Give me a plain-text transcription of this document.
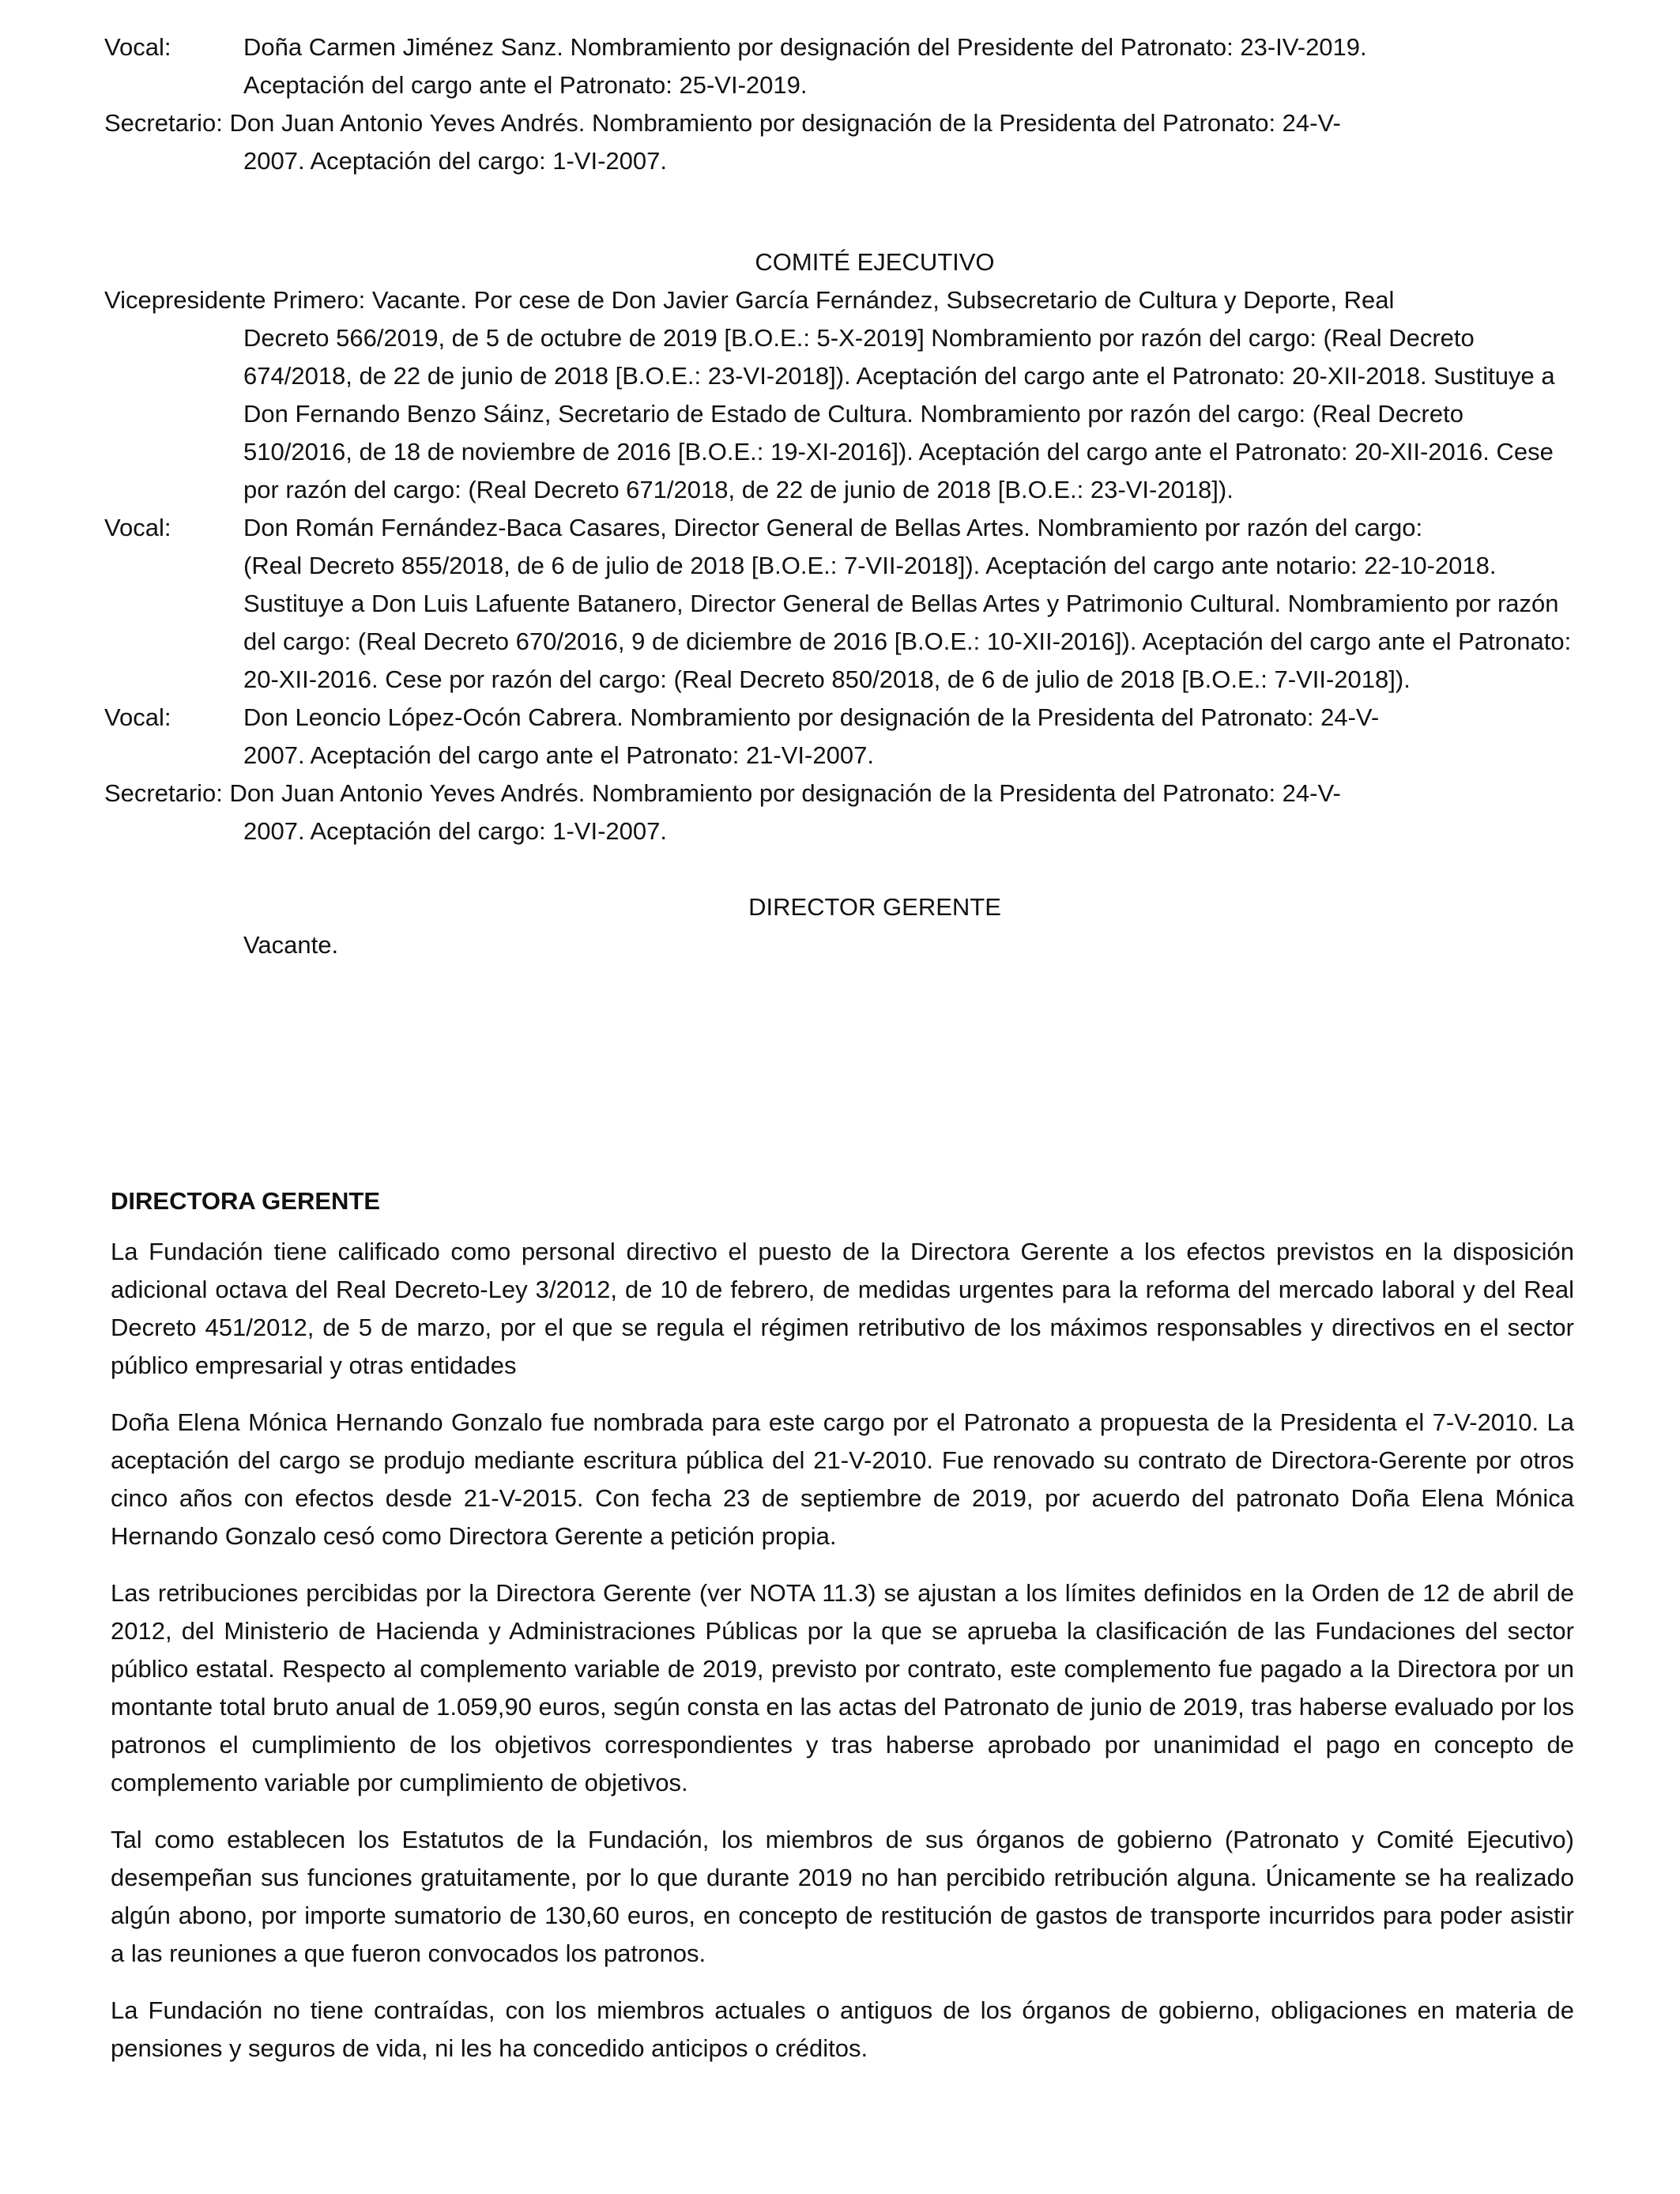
Vocal:	Doña Carmen Jiménez Sanz. Nombramiento por designación del Presidente del Patronato: 23-IV-2019.
Aceptación del cargo ante el Patronato: 25-VI-2019.
Secretario: Don Juan Antonio Yeves Andrés. Nombramiento por designación de la Presidenta del Patronato: 24-V-
2007. Aceptación del cargo: 1-VI-2007.

COMITÉ EJECUTIVO

Vicepresidente Primero: Vacante. Por cese de Don Javier García Fernández, Subsecretario de Cultura y Deporte, Real
Decreto 566/2019, de 5 de octubre de 2019 [B.O.E.: 5-X-2019] Nombramiento por razón del cargo: (Real Decreto 674/2018, de 22 de junio de 2018 [B.O.E.: 23-VI-2018]). Aceptación del cargo ante el Patronato: 20-XII-2018. Sustituye a Don Fernando Benzo Sáinz, Secretario de Estado de Cultura. Nombramiento por razón del cargo: (Real Decreto 510/2016, de 18 de noviembre de 2016 [B.O.E.: 19-XI-2016]). Aceptación del cargo ante el Patronato: 20-XII-2016. Cese por razón del cargo: (Real Decreto 671/2018, de 22 de junio de 2018 [B.O.E.: 23-VI-2018]).
Vocal:	Don Román Fernández-Baca Casares, Director General de Bellas Artes. Nombramiento por razón del cargo:
(Real Decreto 855/2018, de 6 de julio de 2018 [B.O.E.: 7-VII-2018]). Aceptación del cargo ante notario: 22-10-2018. Sustituye a Don Luis Lafuente Batanero, Director General de Bellas Artes y Patrimonio Cultural. Nombramiento por razón del cargo: (Real Decreto 670/2016, 9 de diciembre de 2016 [B.O.E.: 10-XII-2016]). Aceptación del cargo ante el Patronato: 20-XII-2016. Cese por razón del cargo: (Real Decreto 850/2018, de 6 de julio de 2018 [B.O.E.: 7-VII-2018]).
Vocal:	Don Leoncio López-Ocón Cabrera. Nombramiento por designación de la Presidenta del Patronato: 24-V-
2007. Aceptación del cargo ante el Patronato: 21-VI-2007.
Secretario: Don Juan Antonio Yeves Andrés. Nombramiento por designación de la Presidenta del Patronato: 24-V-
2007. Aceptación del cargo: 1-VI-2007.

DIRECTOR GERENTE

Vacante.

DIRECTORA GERENTE

La Fundación tiene calificado como personal directivo el puesto de la Directora Gerente a los efectos previstos en la disposición adicional octava del Real Decreto-Ley 3/2012, de 10 de febrero, de medidas urgentes para la reforma del mercado laboral y del Real Decreto 451/2012, de 5 de marzo, por el que se regula el régimen retributivo de los máximos responsables y directivos en el sector público empresarial y otras entidades

Doña Elena Mónica Hernando Gonzalo fue nombrada para este cargo por el Patronato a propuesta de la Presidenta el 7-V-2010. La aceptación del cargo se produjo mediante escritura pública del 21-V-2010. Fue renovado su contrato de Directora-Gerente por otros cinco años con efectos desde 21-V-2015. Con fecha 23 de septiembre de 2019, por acuerdo del patronato Doña Elena Mónica Hernando Gonzalo cesó como Directora Gerente a petición propia.

Las retribuciones percibidas por la Directora Gerente (ver NOTA 11.3) se ajustan a los límites definidos en la Orden de 12 de abril de 2012, del Ministerio de Hacienda y Administraciones Públicas por la que se aprueba la clasificación de las Fundaciones del sector público estatal. Respecto al complemento variable de 2019, previsto por contrato, este complemento fue pagado a la Directora por un montante total bruto anual de 1.059,90 euros, según consta en las actas del Patronato de junio de 2019, tras haberse evaluado por los patronos el cumplimiento de los objetivos correspondientes y tras haberse aprobado por unanimidad el pago en concepto de complemento variable por cumplimiento de objetivos.

Tal como establecen los Estatutos de la Fundación, los miembros de sus órganos de gobierno (Patronato y Comité Ejecutivo) desempeñan sus funciones gratuitamente, por lo que durante 2019 no han percibido retribución alguna. Únicamente se ha realizado algún abono, por importe sumatorio de 130,60 euros, en concepto de restitución de gastos de transporte incurridos para poder asistir a las reuniones a que fueron convocados los patronos.

La Fundación no tiene contraídas, con los miembros actuales o antiguos de los órganos de gobierno, obligaciones en materia de pensiones y seguros de vida, ni les ha concedido anticipos o créditos.
